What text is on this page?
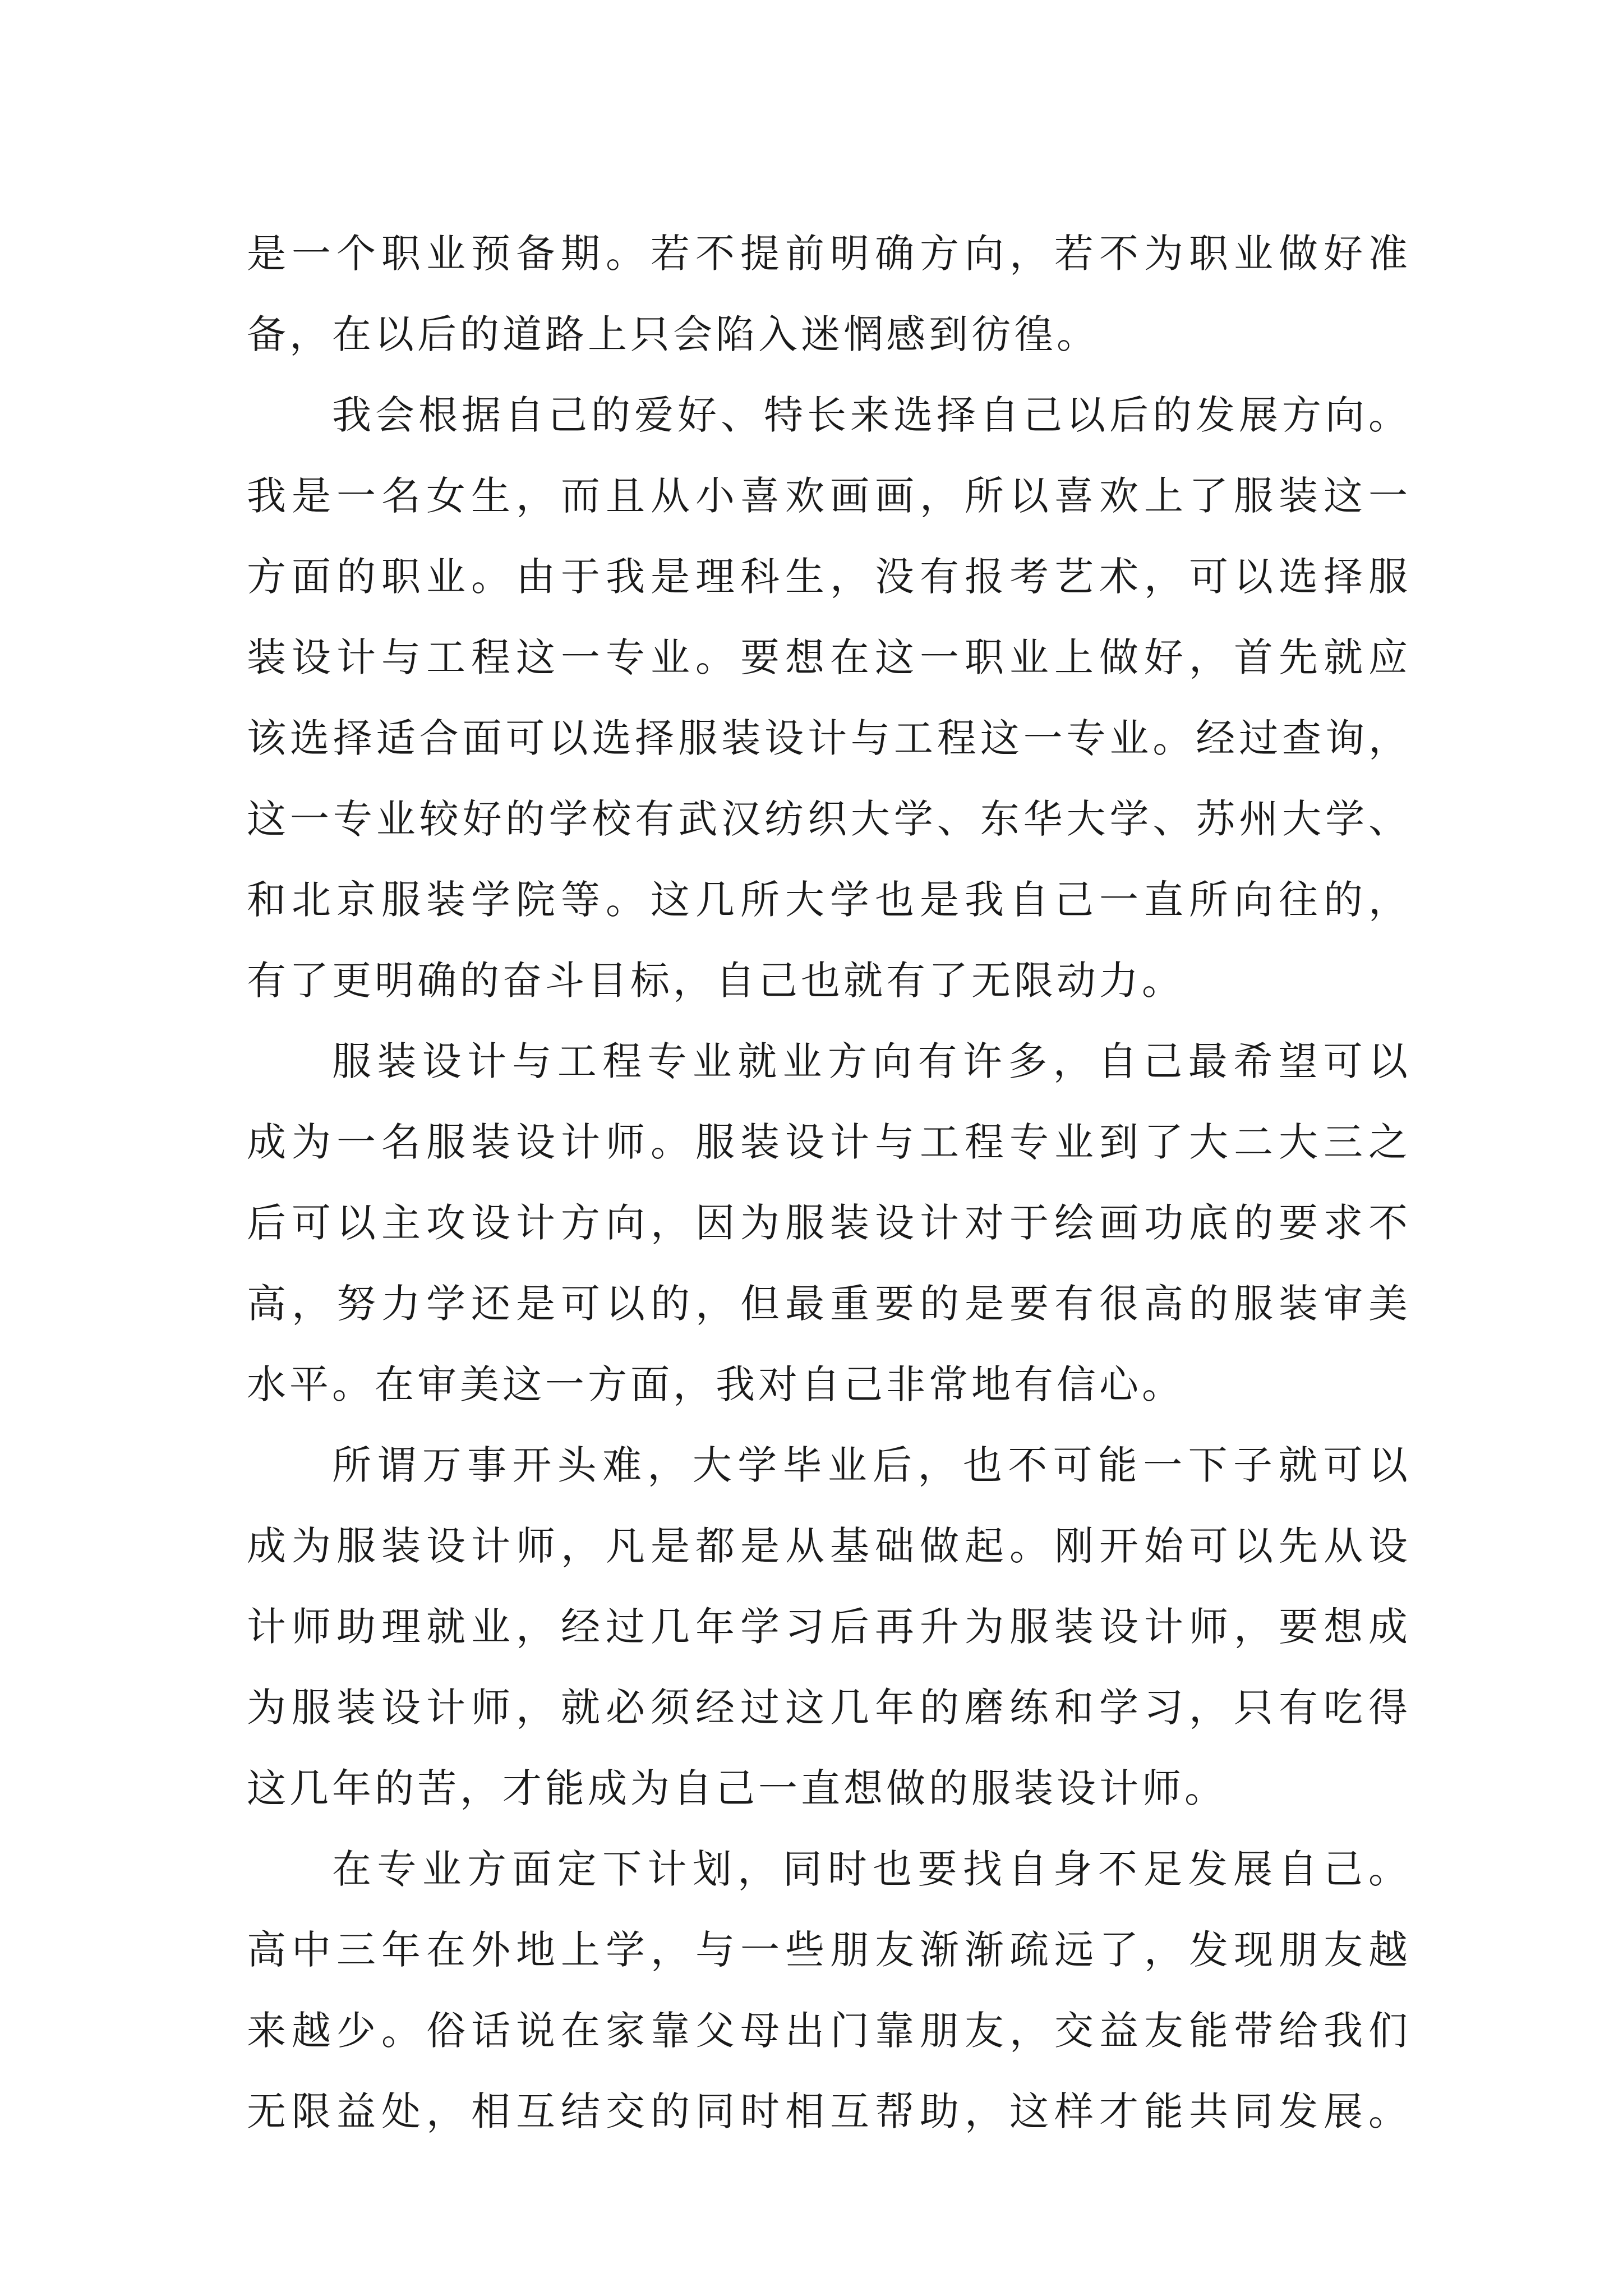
是一个职业预备期。若不提前明确方向，若不为职业做好准
备，在以后的道路上只会陷入迷惘感到彷徨。
我会根据自己的爱好、特长来选择自己以后的发展方向。
我是一名女生，而且从小喜欢画画，所以喜欢上了服装这一
方面的职业。由于我是理科生，没有报考艺术，可以选择服
装设计与工程这一专业。要想在这一职业上做好，首先就应
该选择适合面可以选择服装设计与工程这一专业。经过查询，
这一专业较好的学校有武汉纺织大学、东华大学、苏州大学、
和北京服装学院等。这几所大学也是我自己一直所向往的，
有了更明确的奋斗目标，自己也就有了无限动力。
服装设计与工程专业就业方向有许多，自己最希望可以
成为一名服装设计师。服装设计与工程专业到了大二大三之
后可以主攻设计方向，因为服装设计对于绘画功底的要求不
高，努力学还是可以的，但最重要的是要有很高的服装审美
水平。在审美这一方面，我对自己非常地有信心。
所谓万事开头难，大学毕业后，也不可能一下子就可以
成为服装设计师，凡是都是从基础做起。刚开始可以先从设
计师助理就业，经过几年学习后再升为服装设计师，要想成
为服装设计师，就必须经过这几年的磨练和学习，只有吃得
这几年的苦，才能成为自己一直想做的服装设计师。
在专业方面定下计划，同时也要找自身不足发展自己。
高中三年在外地上学，与一些朋友渐渐疏远了，发现朋友越
来越少。俗话说在家靠父母出门靠朋友，交益友能带给我们
无限益处，相互结交的同时相互帮助，这样才能共同发展。
